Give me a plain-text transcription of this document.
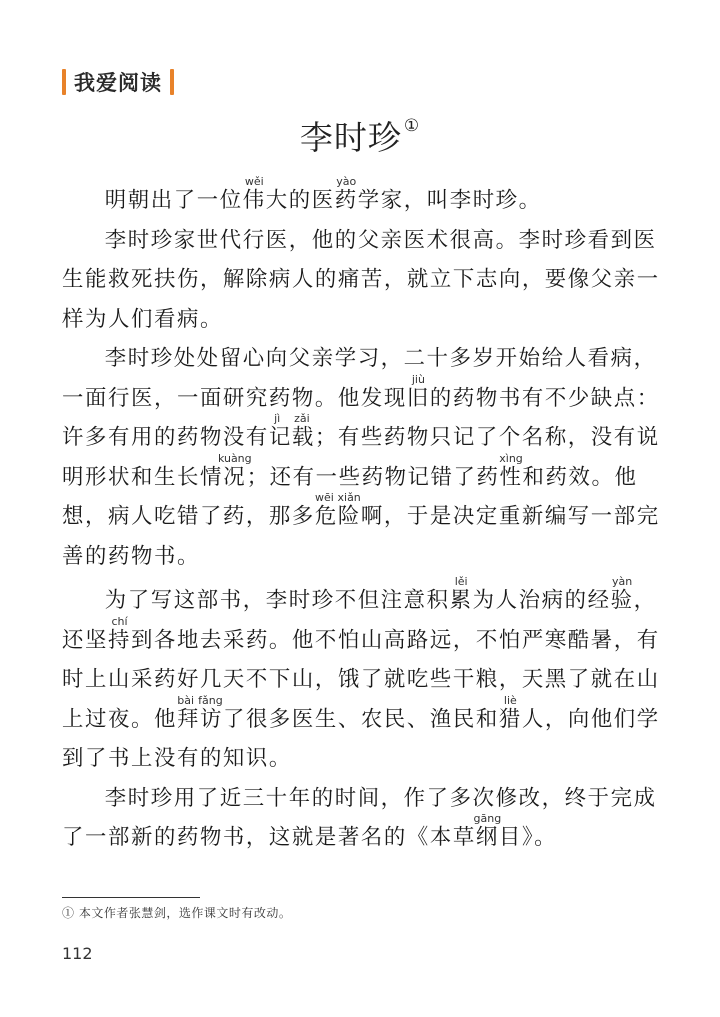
我爱阅读
李时珍 ①

明朝出了一位伟wěi大的医药yào学家，叫李时珍。

李时珍家世代行医，他的父亲医术很高。李时珍看到医生能救死扶伤，解除病人的痛苦，就立下志向，要像父亲一样为人们看病。

李时珍处处留心向父亲学习，二十多岁开始给人看病，一面行医，一面研究药物。他发现旧jiù的药物书有不少缺点：许多有用的药物没有记载jì zǎi；有些药物只记了个名称，没有说明形状和生长情况kuàng；还有一些药物记错了药性xìng和药效。他想，病人吃错了药，那多危险wēi xiǎn啊，于是决定重新编写一部完善的药物书。

为了写这部书，李时珍不但注意积累lěi为人治病的经验yàn，还坚持chí到各地去采药。他不怕山高路远，不怕严寒酷暑，有时上山采药好几天不下山，饿了就吃些干粮，天黑了就在山上过夜。他拜访bài fǎng了很多医生、农民、渔民和猎liè人，向他们学到了书上没有的知识。

李时珍用了近三十年的时间，作了多次修改，终于完成了一部新的药物书，这就是著名的《本草纲gāng目》。

① 本文作者张慧剑，选作课文时有改动。
112
